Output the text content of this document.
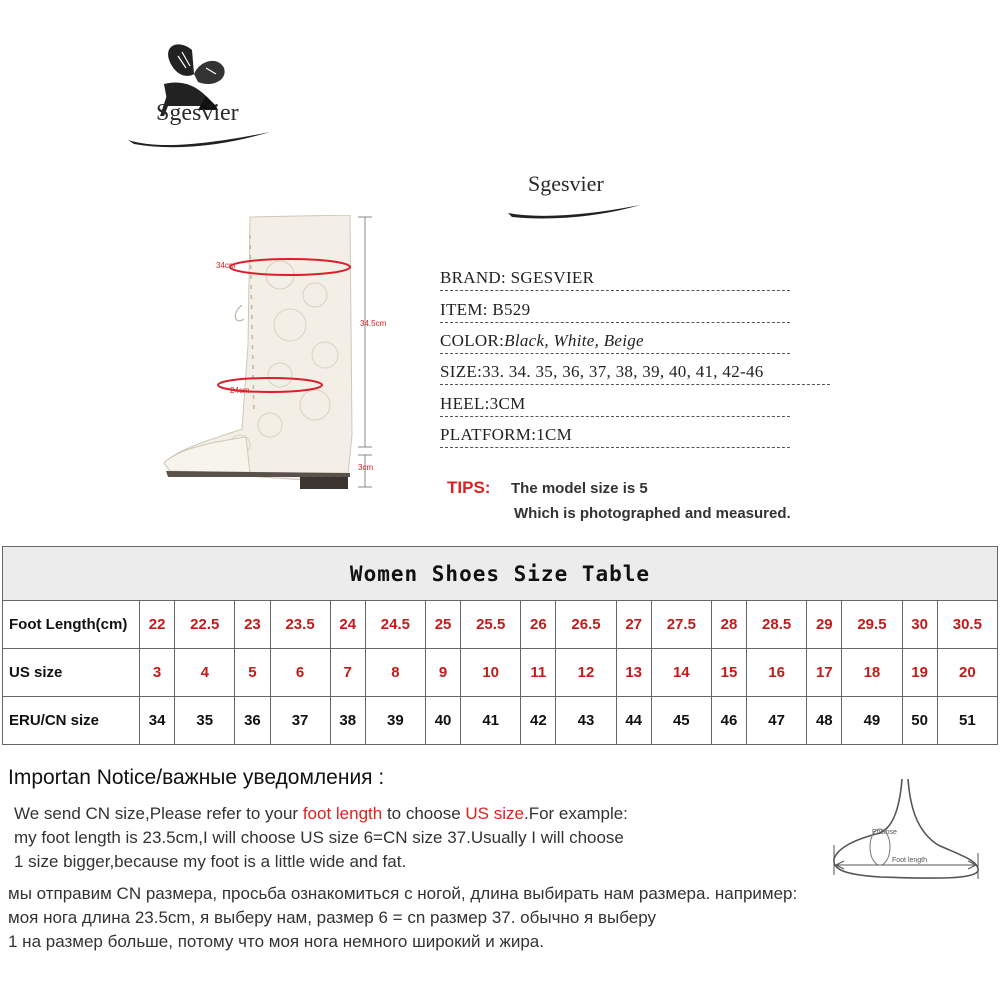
Sgesvier
Sgesvier
34cm
34.5cm
24cm
3cm
BRAND: SGESVIER
ITEM: B529
COLOR:Black, White, Beige
SIZE:33. 34. 35, 36, 37, 38, 39, 40, 41, 42-46
HEEL:3CM
PLATFORM:1CM
TIPS: The model size is 5
Which is photographed and measured.
Women Shoes Size Table																		
Foot Length(cm)	22	22.5	23	23.5	24	24.5	25	25.5	26	26.5	27	27.5	28	28.5	29	29.5	30	30.5
US size	3	4	5	6	7	8	9	10	11	12	13	14	15	16	17	18	19	20
ERU/CN size	34	35	36	37	38	39	40	41	42	43	44	45	46	47	48	49	50	51
Importan Notice/важные уведомления :
We send CN size,Please refer to your foot length to choose US size.For example:
my foot length is 23.5cm,I will choose US size 6=CN size 37.Usually I will choose
1 size bigger,because my foot is a little wide and fat.
мы отправим CN размера, просьба ознакомиться с ногой, длина выбирать нам размера. например:
моя нога длина 23.5cm, я выберу нам, размер 6 = cn размер 37. обычно я выберу
1 на размер больше, потому что моя нога немного широкий и жира.
Enclose
Foot length
